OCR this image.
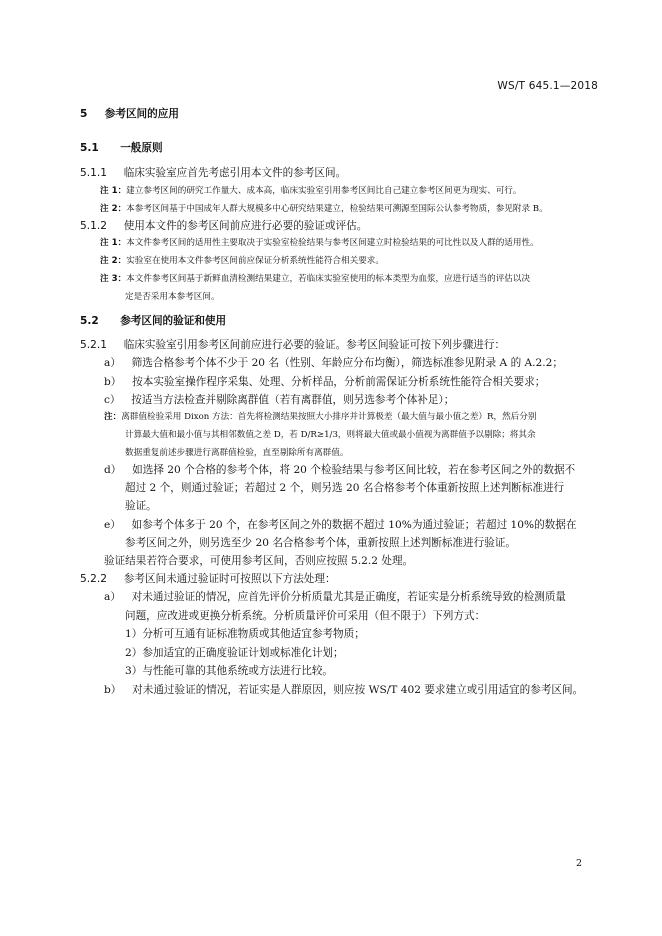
WS/T 645.1—2018
5 参考区间的应用
5.1 一般原则
5.1.1 临床实验室应首先考虑引用本文件的参考区间。
注 1：建立参考区间的研究工作量大、成本高，临床实验室引用参考区间比自己建立参考区间更为现实、可行。
注 2：本参考区间基于中国成年人群大规模多中心研究结果建立，检验结果可溯源至国际公认参考物质，参见附录 B。
5.1.2 使用本文件的参考区间前应进行必要的验证或评估。
注 1：本文件参考区间的适用性主要取决于实验室检验结果与参考区间建立时检验结果的可比性以及人群的适用性。
注 2：实验室在使用本文件参考区间前应保证分析系统性能符合相关要求。
注 3：本文件参考区间基于新鲜血清检测结果建立，若临床实验室使用的标本类型为血浆，应进行适当的评估以决
定是否采用本参考区间。
5.2 参考区间的验证和使用
5.2.1 临床实验室引用参考区间前应进行必要的验证。参考区间验证可按下列步骤进行：
a） 筛选合格参考个体不少于 20 名（性别、年龄应分布均衡），筛选标准参见附录 A 的 A.2.2；
b） 按本实验室操作程序采集、处理、分析样品，分析前需保证分析系统性能符合相关要求；
c） 按适当方法检查并剔除离群值（若有离群值，则另选参考个体补足）；
注：离群值检验采用 Dixon 方法：首先将检测结果按照大小排序并计算极差（最大值与最小值之差）R，然后分别
计算最大值和最小值与其相邻数值之差 D，若 D/R≥1/3，则将最大值或最小值视为离群值予以剔除；将其余
数据重复前述步骤进行离群值检验，直至剔除所有离群值。
d） 如选择 20 个合格的参考个体，将 20 个检验结果与参考区间比较，若在参考区间之外的数据不
超过 2 个，则通过验证；若超过 2 个，则另选 20 名合格参考个体重新按照上述判断标准进行
验证。
e） 如参考个体多于 20 个，在参考区间之外的数据不超过 10%为通过验证；若超过 10%的数据在
参考区间之外，则另选至少 20 名合格参考个体，重新按照上述判断标准进行验证。
验证结果若符合要求，可使用参考区间，否则应按照 5.2.2 处理。
5.2.2 参考区间未通过验证时可按照以下方法处理：
a） 对未通过验证的情况，应首先评价分析质量尤其是正确度，若证实是分析系统导致的检测质量
问题，应改进或更换分析系统。分析质量评价可采用（但不限于）下列方式：
1）分析可互通有证标准物质或其他适宜参考物质；
2）参加适宜的正确度验证计划或标准化计划；
3）与性能可靠的其他系统或方法进行比较。
b） 对未通过验证的情况，若证实是人群原因，则应按 WS/T 402 要求建立或引用适宜的参考区间。
2
